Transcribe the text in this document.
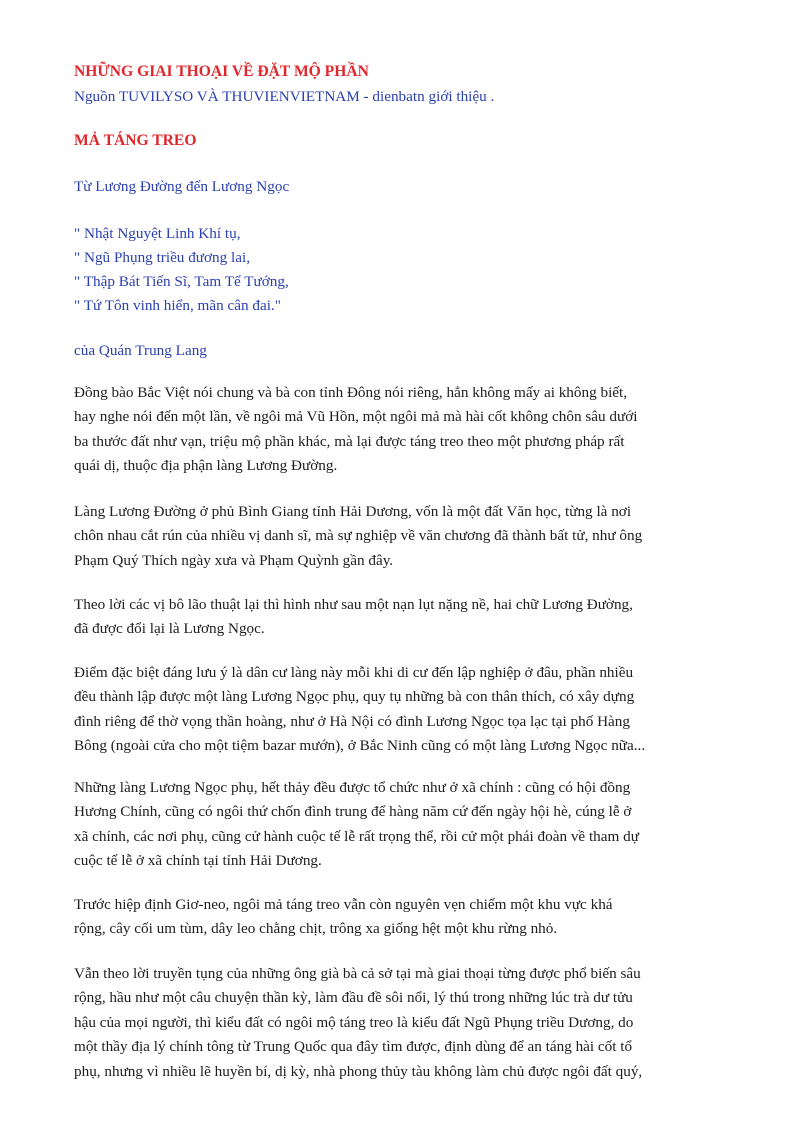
NHỮNG GIAI THOẠI VỀ ĐẶT MỘ PHẦN
Nguồn TUVILYSO VÀ THUVIENVIETNAM - dienbatn giới thiệu .
MẢ TÁNG TREO
Từ Lương Đường đến Lương Ngọc
" Nhật Nguyệt Linh Khí tụ,
" Ngũ Phụng triều đương lai,
" Thập Bát Tiến Sĩ, Tam Tể Tướng,
" Tứ Tôn vinh hiển, mãn cân đai."
của Quán Trung Lang
Đồng bào Bắc Việt nói chung và bà con tỉnh Đông nói riêng, hẳn không mấy ai không biết,
hay nghe nói đến một lần, về ngôi mả Vũ Hồn, một ngôi mả mà hài cốt không chôn sâu dưới
ba thước đất như vạn, triệu mộ phần khác, mà lại được táng treo theo một phương pháp rất
quái dị, thuộc địa phận làng Lương Đường.
Làng Lương Đường ở phủ Bình Giang tỉnh Hải Dương, vốn là một đất Văn học, từng là nơi
chôn nhau cắt rún của nhiều vị danh sĩ, mà sự nghiệp về văn chương đã thành bất tử, như ông
Phạm Quý Thích ngày xưa và Phạm Quỳnh gần đây.
Theo lời các vị bô lão thuật lại thì hình như sau một nạn lụt nặng nề, hai chữ Lương Đường,
đã được đổi lại là Lương Ngọc.
Điểm đặc biệt đáng lưu ý là dân cư làng này mỗi khi di cư đến lập nghiệp ở đâu, phần nhiều
đều thành lập được một làng Lương Ngọc phụ, quy tụ những bà con thân thích, có xây dựng
đình riêng để thờ vọng thần hoàng, như ở Hà Nội có đình Lương Ngọc tọa lạc tại phố Hàng
Bông (ngoài cửa cho một tiệm bazar mướn), ở Bắc Ninh cũng có một làng Lương Ngọc nữa...
Những làng Lương Ngọc phụ, hết thảy đều được tổ chức như ở xã chính : cũng có hội đồng
Hương Chính, cũng có ngôi thứ chốn đình trung để hàng năm cứ đến ngày hội hè, cúng lễ ở
xã chính, các nơi phụ, cũng cử hành cuộc tế lễ rất trọng thể, rồi cử một phái đoàn về tham dự
cuộc tế lễ ở xã chính tại tỉnh Hải Dương.
Trước hiệp định Giơ-neo, ngôi mả táng treo vẫn còn nguyên vẹn chiếm một khu vực khá
rộng, cây cối um tùm, dây leo chằng chịt, trông xa giống hệt một khu rừng nhỏ.
Vẫn theo lời truyền tụng của những ông già bà cả sở tại mà giai thoại từng được phổ biến sâu
rộng, hầu như một câu chuyện thần kỳ, làm đầu đề sôi nổi, lý thú trong những lúc trà dư tửu
hậu của mọi người, thì kiểu đất có ngôi mộ táng treo là kiểu đất Ngũ Phụng triều Dương, do
một thầy địa lý chính tông từ Trung Quốc qua đây tìm được, định dùng để an táng hài cốt tổ
phụ, nhưng vì nhiều lẽ huyền bí, dị kỳ, nhà phong thủy tàu không làm chủ được ngôi đất quý,
